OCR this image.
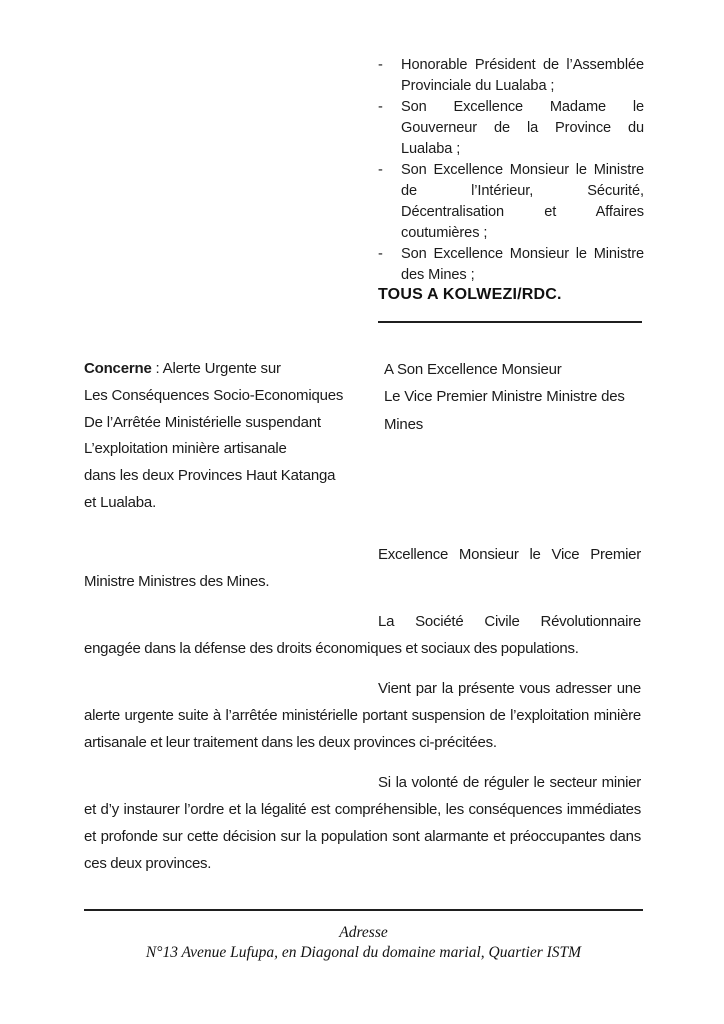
-	Honorable Président de l’Assemblée Provinciale du Lualaba ;
-	Son Excellence Madame le Gouverneur de la Province du Lualaba ;
-	Son Excellence Monsieur le Ministre de l’Intérieur, Sécurité, Décentralisation et Affaires coutumières ;
-	Son Excellence Monsieur le Ministre des Mines ;
TOUS A KOLWEZI/RDC.
Concerne : Alerte Urgente sur
Les Conséquences Socio-Economiques
De l’Arrêtée Ministérielle suspendant
L’exploitation minière artisanale
dans les deux Provinces Haut Katanga
et Lualaba.
A Son Excellence Monsieur
Le Vice Premier Ministre Ministre des
Mines

Excellence Monsieur le Vice Premier Ministre Ministres des Mines.

La Société Civile Révolutionnaire engagée dans la défense des droits économiques et sociaux des populations.

Vient par la présente vous adresser une alerte urgente suite à l’arrêtée ministérielle portant suspension de l’exploitation minière artisanale et leur traitement dans les deux provinces ci-précitées.

Si la volonté de réguler le secteur minier et d’y instaurer l’ordre et la légalité est compréhensible, les conséquences immédiates et profonde sur cette décision sur la population sont alarmante et préoccupantes dans ces deux provinces.

Adresse
N°13 Avenue Lufupa, en Diagonal du domaine marial, Quartier ISTM
